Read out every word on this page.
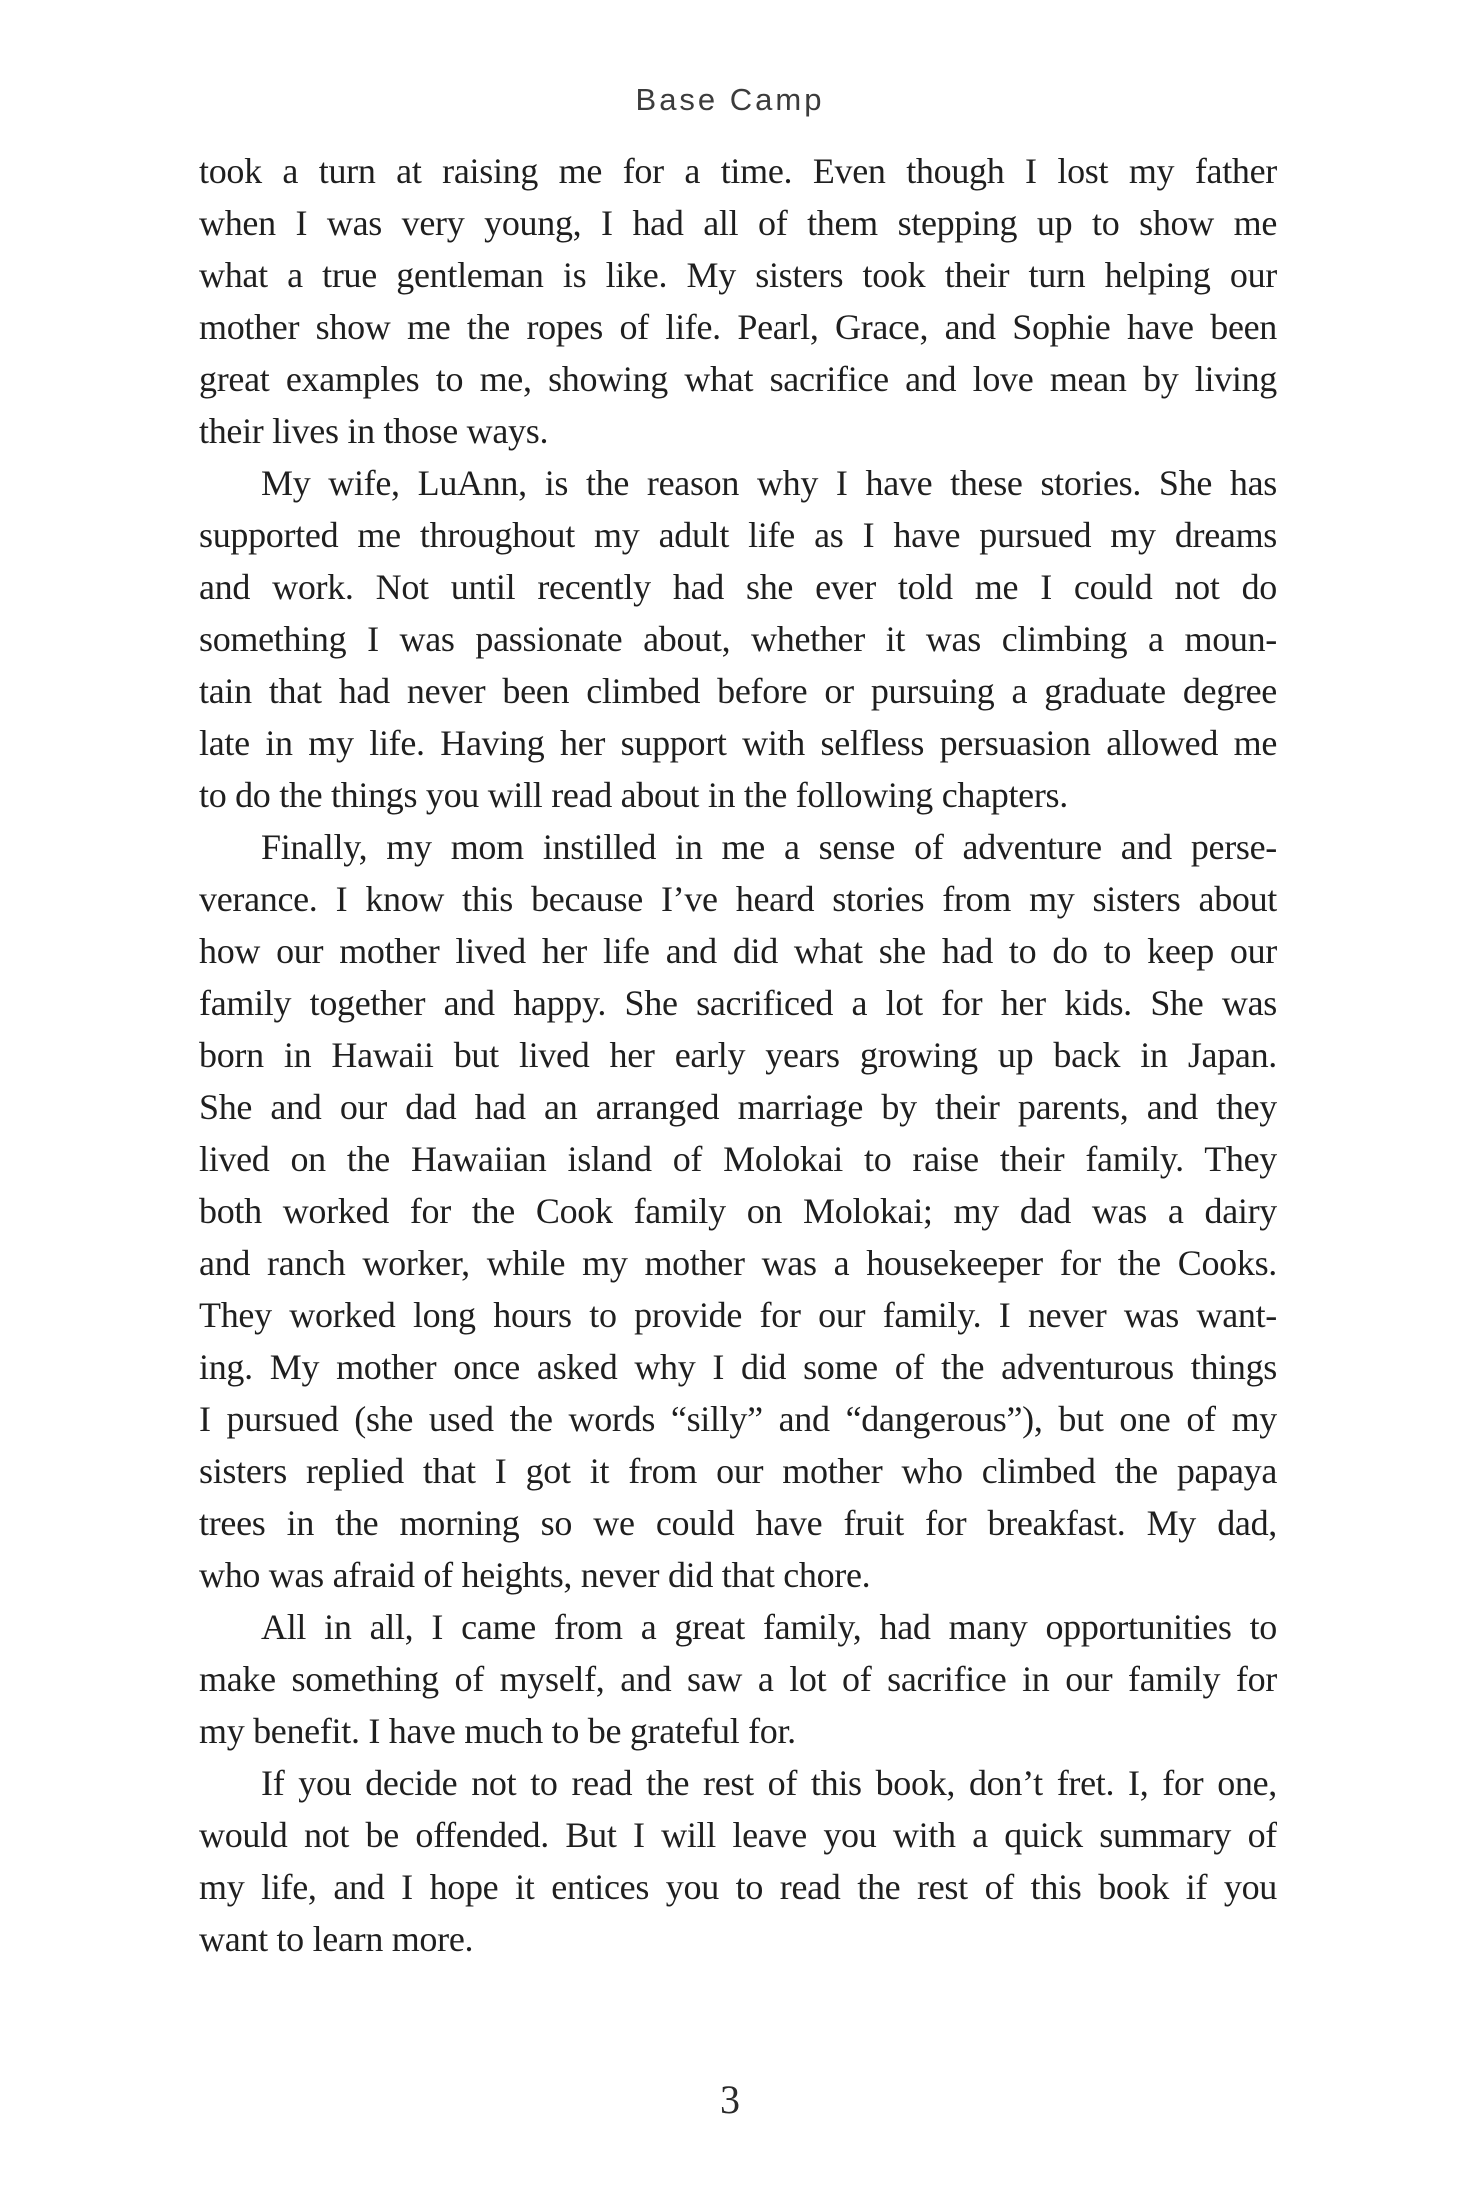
Base Camp

took a turn at raising me for a time. Even though I lost my father
when I was very young, I had all of them stepping up to show me
what a true gentleman is like. My sisters took their turn helping our
mother show me the ropes of life. Pearl, Grace, and Sophie have been
great examples to me, showing what sacrifice and love mean by living
their lives in those ways.

My wife, LuAnn, is the reason why I have these stories. She has
supported me throughout my adult life as I have pursued my dreams
and work. Not until recently had she ever told me I could not do
something I was passionate about, whether it was climbing a moun-
tain that had never been climbed before or pursuing a graduate degree
late in my life. Having her support with selfless persuasion allowed me
to do the things you will read about in the following chapters.

Finally, my mom instilled in me a sense of adventure and perse-
verance. I know this because I’ve heard stories from my sisters about
how our mother lived her life and did what she had to do to keep our
family together and happy. She sacrificed a lot for her kids. She was
born in Hawaii but lived her early years growing up back in Japan.
She and our dad had an arranged marriage by their parents, and they
lived on the Hawaiian island of Molokai to raise their family. They
both worked for the Cook family on Molokai; my dad was a dairy
and ranch worker, while my mother was a housekeeper for the Cooks.
They worked long hours to provide for our family. I never was want-
ing. My mother once asked why I did some of the adventurous things
I pursued (she used the words “silly” and “dangerous”), but one of my
sisters replied that I got it from our mother who climbed the papaya
trees in the morning so we could have fruit for breakfast. My dad,
who was afraid of heights, never did that chore.

All in all, I came from a great family, had many opportunities to
make something of myself, and saw a lot of sacrifice in our family for
my benefit. I have much to be grateful for.

If you decide not to read the rest of this book, don’t fret. I, for one,
would not be offended. But I will leave you with a quick summary of
my life, and I hope it entices you to read the rest of this book if you
want to learn more.

3
